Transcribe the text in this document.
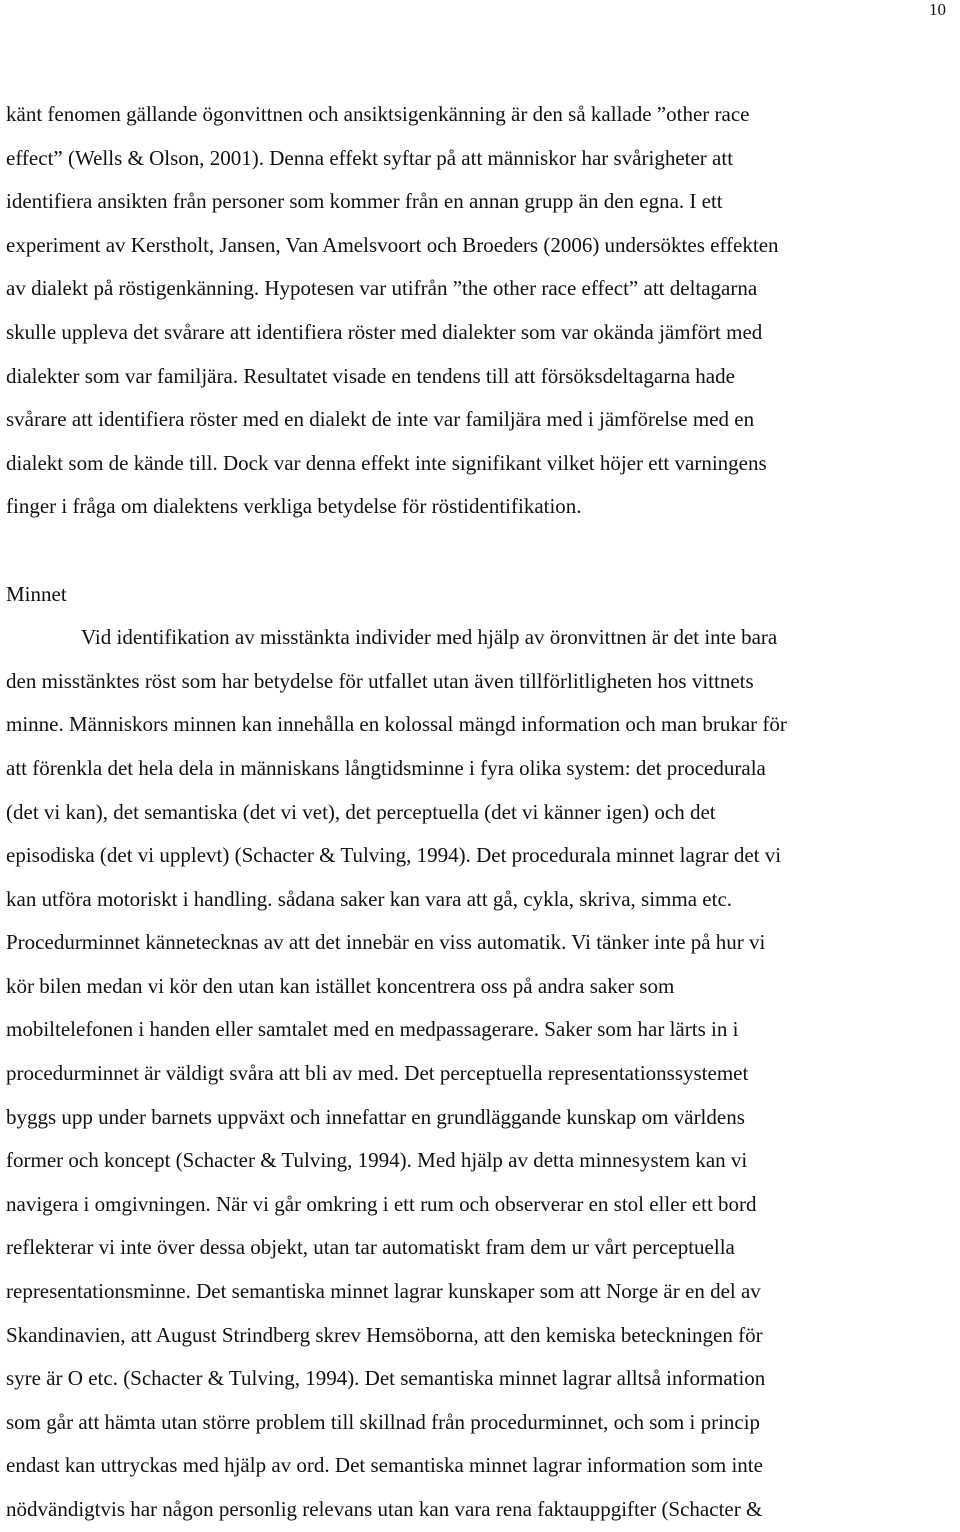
10
känt fenomen gällande ögonvittnen och ansiktsigenkänning är den så kallade ”other race
effect” (Wells & Olson, 2001). Denna effekt syftar på att människor har svårigheter att
identifiera ansikten från personer som kommer från en annan grupp än den egna. I ett
experiment av Kerstholt, Jansen, Van Amelsvoort och Broeders (2006) undersöktes effekten
av dialekt på röstigenkänning. Hypotesen var utifrån ”the other race effect” att deltagarna
skulle uppleva det svårare att identifiera röster med dialekter som var okända jämfört med
dialekter som var familjära. Resultatet visade en tendens till att försöksdeltagarna hade
svårare att identifiera röster med en dialekt de inte var familjära med i jämförelse med en
dialekt som de kände till. Dock var denna effekt inte signifikant vilket höjer ett varningens
finger i fråga om dialektens verkliga betydelse för röstidentifikation.
Minnet
Vid identifikation av misstänkta individer med hjälp av öronvittnen är det inte bara
den misstänktes röst som har betydelse för utfallet utan även tillförlitligheten hos vittnets
minne. Människors minnen kan innehålla en kolossal mängd information och man brukar för
att förenkla det hela dela in människans långtidsminne i fyra olika system: det procedurala
(det vi kan), det semantiska (det vi vet), det perceptuella (det vi känner igen) och det
episodiska (det vi upplevt) (Schacter & Tulving, 1994). Det procedurala minnet lagrar det vi
kan utföra motoriskt i handling. sådana saker kan vara att gå, cykla, skriva, simma etc.
Procedurminnet kännetecknas av att det innebär en viss automatik. Vi tänker inte på hur vi
kör bilen medan vi kör den utan kan istället koncentrera oss på andra saker som
mobiltelefonen i handen eller samtalet med en medpassagerare. Saker som har lärts in i
procedurminnet är väldigt svåra att bli av med. Det perceptuella representationssystemet
byggs upp under barnets uppväxt och innefattar en grundläggande kunskap om världens
former och koncept (Schacter & Tulving, 1994). Med hjälp av detta minnesystem kan vi
navigera i omgivningen. När vi går omkring i ett rum och observerar en stol eller ett bord
reflekterar vi inte över dessa objekt, utan tar automatiskt fram dem ur vårt perceptuella
representationsminne. Det semantiska minnet lagrar kunskaper som att Norge är en del av
Skandinavien, att August Strindberg skrev Hemsöborna, att den kemiska beteckningen för
syre är O etc. (Schacter & Tulving, 1994). Det semantiska minnet lagrar alltså information
som går att hämta utan större problem till skillnad från procedurminnet, och som i princip
endast kan uttryckas med hjälp av ord. Det semantiska minnet lagrar information som inte
nödvändigtvis har någon personlig relevans utan kan vara rena faktauppgifter (Schacter &
